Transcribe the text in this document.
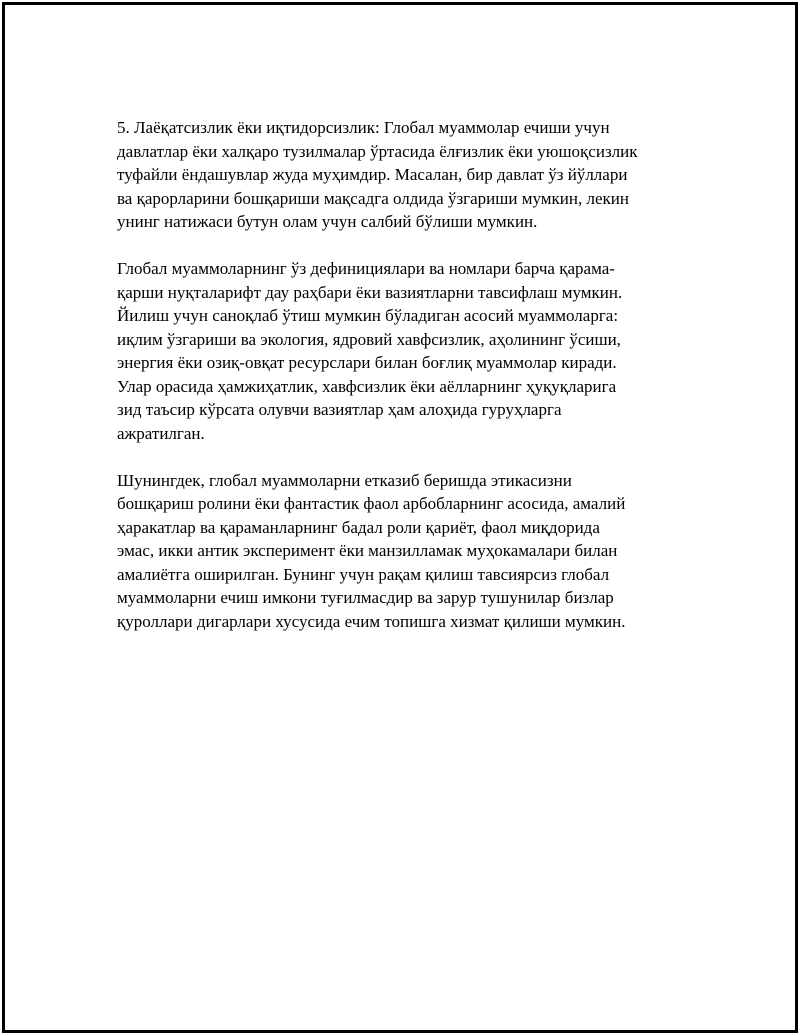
5. Лаёқатсизлик ёки иқтидорсизлик: Глобал муаммолар ечиши учун
давлатлар ёки халқаро тузилмалар ўртасида ёлғизлик ёки уюшоқсизлик
туфайли ёндашувлар жуда муҳимдир. Масалан, бир давлат ўз йўллари
ва қарорларини бошқариши мақсадга олдида ўзгариши мумкин, лекин
унинг натижаси бутун олам учун салбий бўлиши мумкин.

Глобал муаммоларнинг ўз дефинициялари ва номлари барча қарама-
қарши нуқталарифт дау раҳбари ёки вазиятларни тавсифлаш мумкин.
Йилиш учун саноқлаб ўтиш мумкин бўладиган асосий муаммоларга:
иқлим ўзгариши ва экология, ядровий хавфсизлик, аҳолининг ўсиши,
энергия ёки озиқ-овқат ресурслари билан боғлиқ муаммолар киради.
Улар орасида ҳамжиҳатлик, хавфсизлик ёки аёлларнинг ҳуқуқларига
зид таъсир кўрсата олувчи вазиятлар ҳам алоҳида гуруҳларга
ажратилган.

Шунингдек, глобал муаммоларни етказиб беришда этикасизни
бошқариш ролини ёки фантастик фаол арбобларнинг асосида, амалий
ҳаракатлар ва қараманларнинг бадал роли қариёт, фаол миқдорида
эмас, икки антик эксперимент ёки манзилламак муҳокамалари билан
амалиётга оширилган. Бунинг учун рақам қилиш тавсиярсиз глобал
муаммоларни ечиш имкони туғилмасдир ва зарур тушунилар бизлар
қуроллари дигарлари хусусида ечим топишга хизмат қилиши мумкин.
